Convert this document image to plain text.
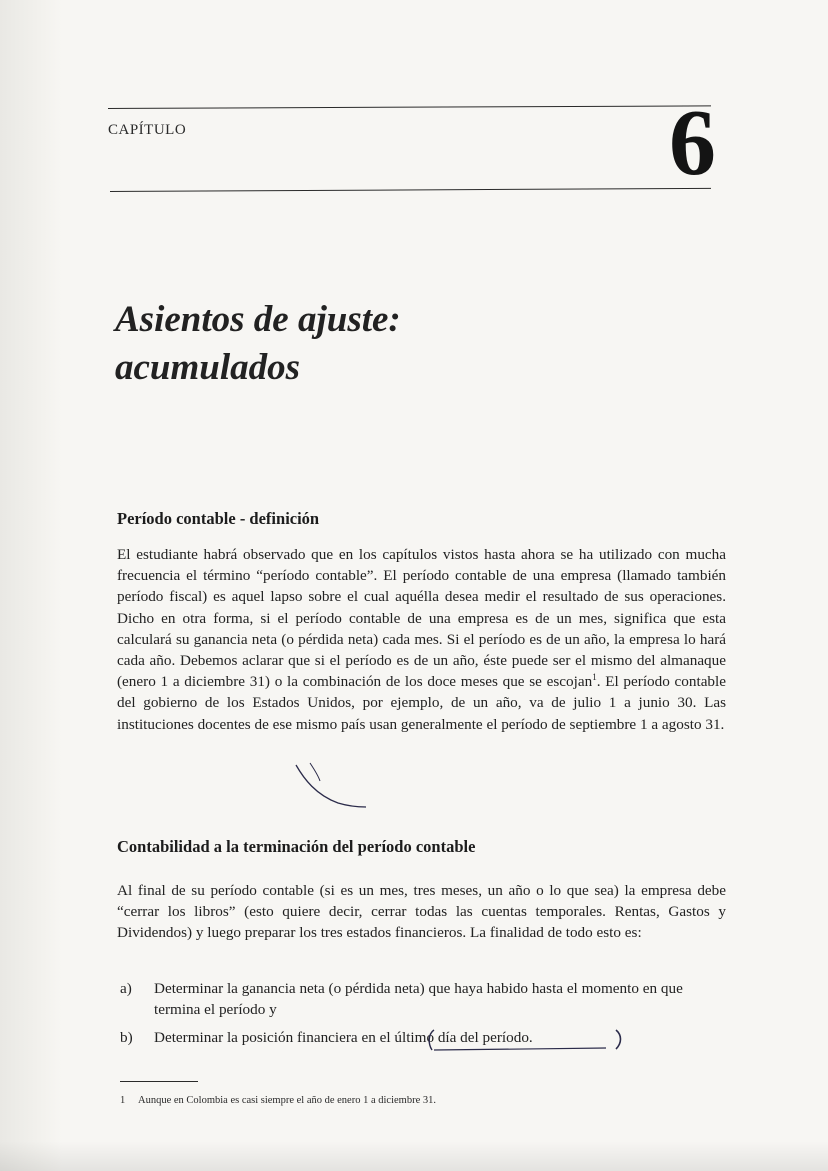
CAPÍTULO	6
Asientos de ajuste:
acumulados
Período contable - definición

El estudiante habrá observado que en los capítulos vistos hasta ahora se ha utilizado con mucha frecuencia el término “período contable”. El período contable de una empresa (llamado también período fiscal) es aquel lapso sobre el cual aquélla desea medir el resultado de sus operaciones. Dicho en otra forma, si el período contable de una empresa es de un mes, significa que esta calculará su ganancia neta (o pérdida neta) cada mes. Si el período es de un año, la empresa lo hará cada año. Debemos aclarar que si el período es de un año, éste puede ser el mismo del almanaque (enero 1 a diciembre 31) o la combinación de los doce meses que se escojan$^1$. El período contable del gobierno de los Estados Unidos, por ejemplo, de un año, va de julio 1 a junio 30. Las instituciones docentes de ese mismo país usan generalmente el período de septiembre 1 a agosto 31.

Contabilidad a la terminación del período contable

Al final de su período contable (si es un mes, tres meses, un año o lo que sea) la empresa debe “cerrar los libros” (esto quiere decir, cerrar todas las cuentas temporales. Rentas, Gastos y Dividendos) y luego preparar los tres estados financieros. La finalidad de todo esto es:

a)	Determinar la ganancia neta (o pérdida neta) que haya habido hasta el momento en que termina el período y
b)	Determinar la posición financiera en el último día del período.
1 Aunque en Colombia es casi siempre el año de enero 1 a diciembre 31.
